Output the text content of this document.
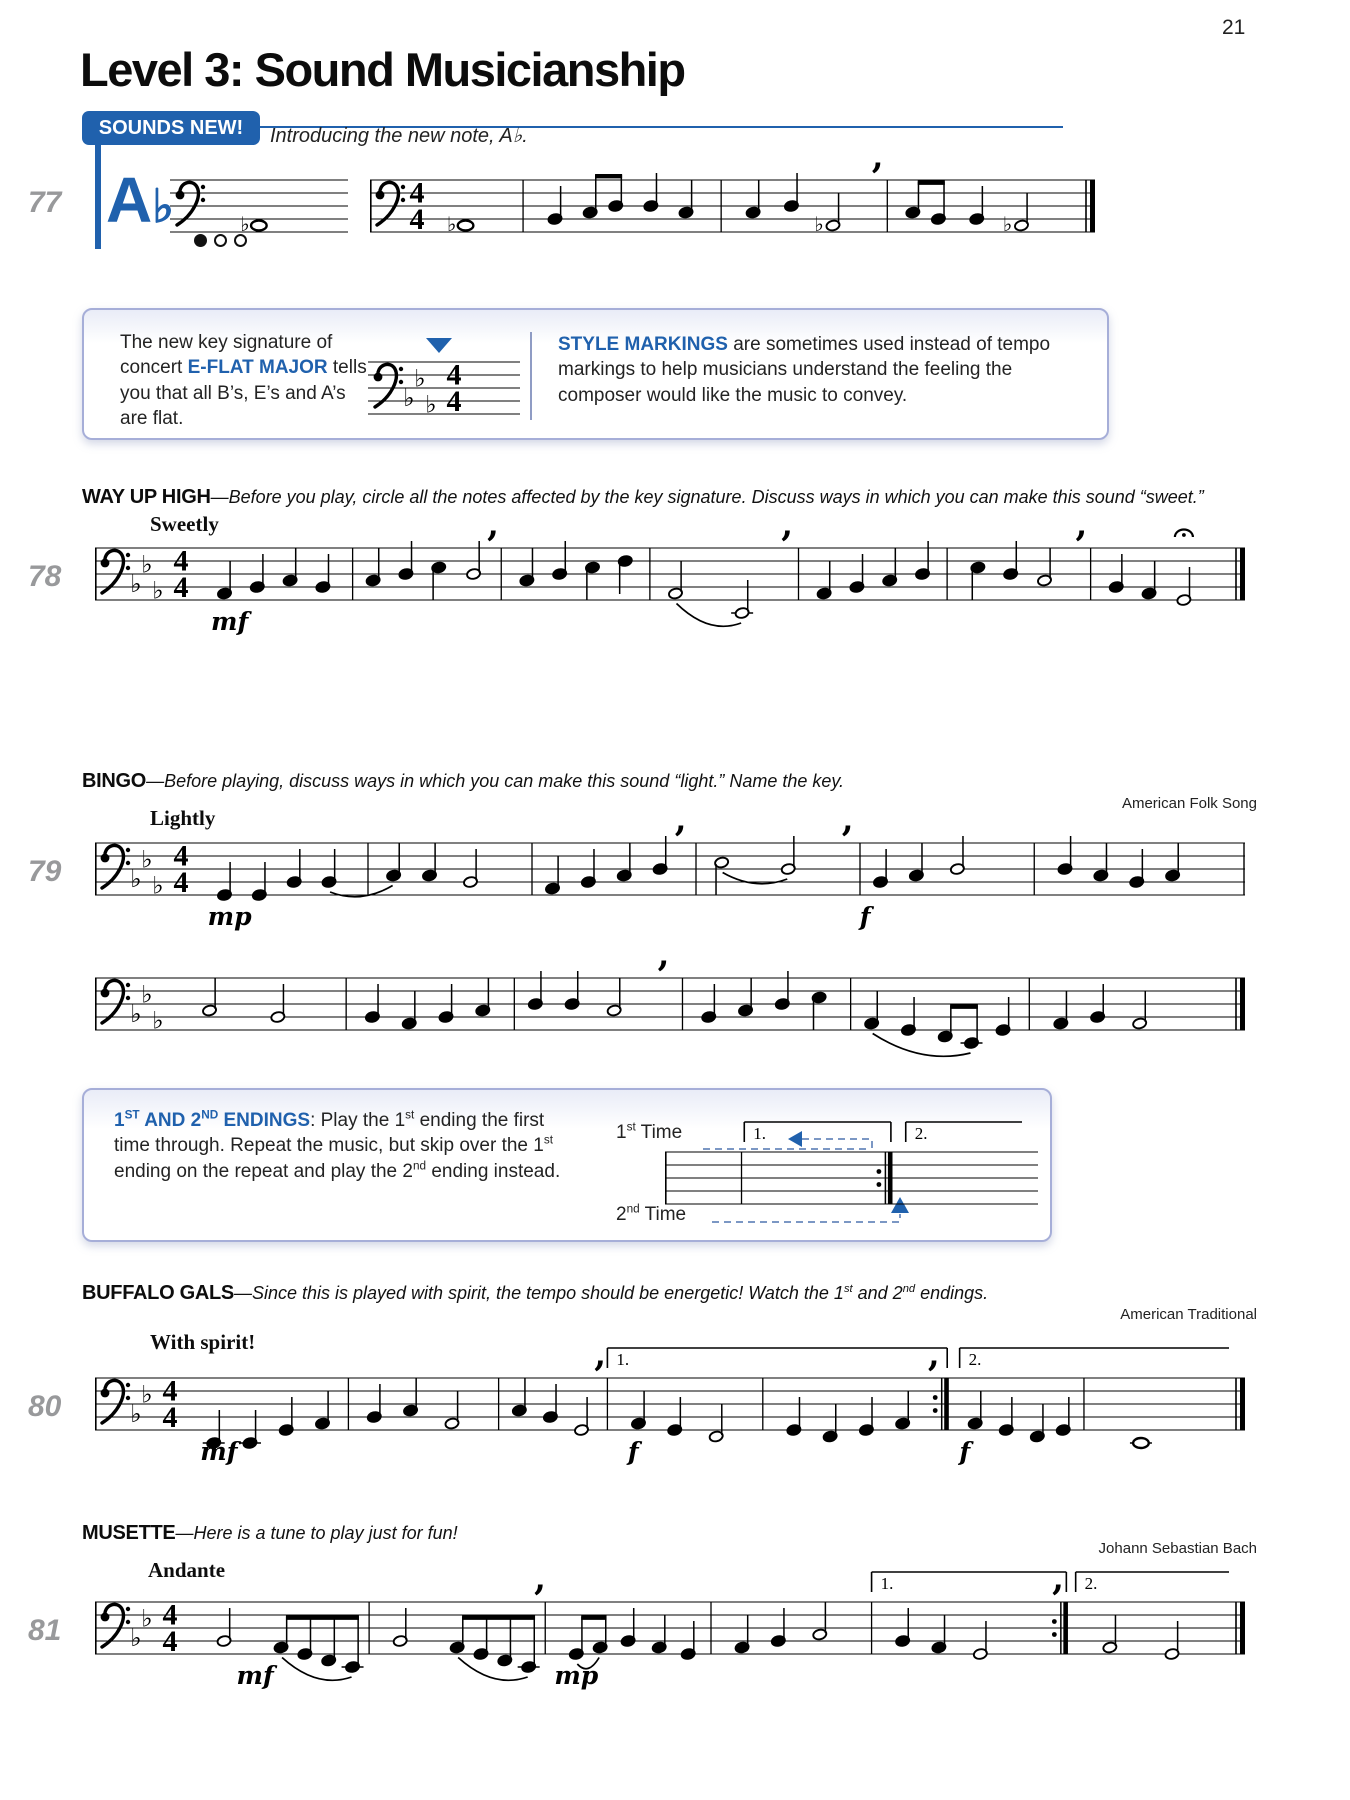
21
Level 3: Sound Musicianship
SOUNDS NEW!	Introducing the new note, A♭.
77 A♭
The new key signature of concert E-FLAT MAJOR tells you that all B’s, E’s and A’s are flat.
STYLE MARKINGS are sometimes used instead of tempo markings to help musicians understand the feeling the composer would like the music to convey.
WAY UP HIGH—Before you play, circle all the notes affected by the key signature. Discuss ways in which you can make this sound “sweet.”
Sweetly
78
BINGO—Before playing, discuss ways in which you can make this sound “light.” Name the key.
American Folk Song
Lightly
79
1ST AND 2ND ENDINGS: Play the 1st ending the first time through. Repeat the music, but skip over the 1st ending on the repeat and play the 2nd ending instead.
1st Time
2nd Time
BUFFALO GALS—Since this is played with spirit, the tempo should be energetic! Watch the 1st and 2nd endings.
American Traditional
With spirit!
80
MUSETTE—Here is a tune to play just for fun!
Johann Sebastian Bach
Andante
81
♭
4
4 ♭	♭	♭
,
♭
♭
♭
4
4
♭
♭
♭
4
4
,	,	,
mf
♭
♭
♭
4
4
,	,
mp	f
♭
♭
♭
,
1.	2.
♭
♭ 4
4
,	,
mf	f	f
1.	2.
♭
♭ 4
4
,	,
mf	mp
1.	2.
